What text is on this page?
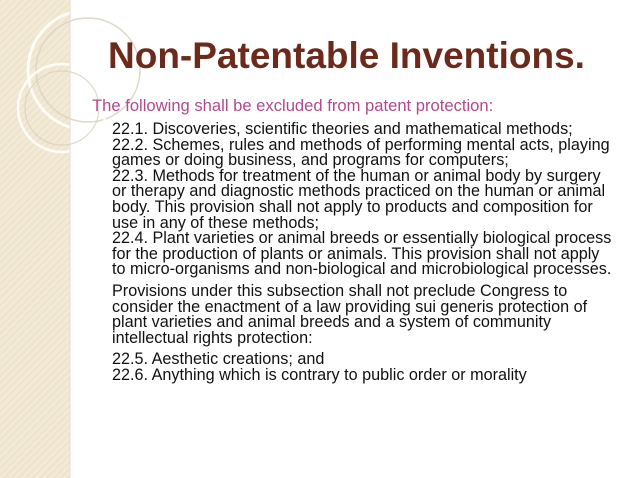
Non-Patentable Inventions.

The following shall be excluded from patent protection:

22.1. Discoveries, scientific theories and mathematical methods;
22.2. Schemes, rules and methods of performing mental acts, playing games or doing business, and programs for computers;
22.3. Methods for treatment of the human or animal body by surgery or therapy and diagnostic methods practiced on the human or animal body. This provision shall not apply to products and composition for use in any of these methods;
22.4. Plant varieties or animal breeds or essentially biological process for the production of plants or animals. This provision shall not apply to micro-organisms and non-biological and microbiological processes.
Provisions under this subsection shall not preclude Congress to consider the enactment of a law providing sui generis protection of plant varieties and animal breeds and a system of community intellectual rights protection:
22.5. Aesthetic creations; and
22.6. Anything which is contrary to public order or morality
